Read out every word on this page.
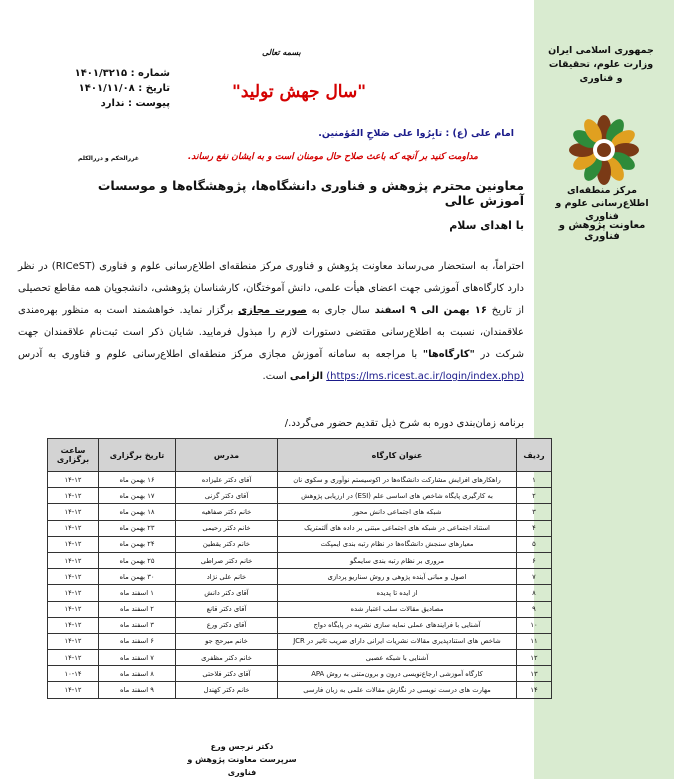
جمهوری اسلامی ایران
وزارت علوم، تحقیقات و فناوری
مرکز منطقه‌ای اطلاع‌رسانی علوم و فناوری
معاونت پژوهش و فناوری
بسمه تعالی
"سال جهش تولید"
شماره : ۱۴۰۱/۳۲۱۵
تاریخ : ۱۴۰۱/۱۱/۰۸
پیوست : ندارد
امام علی (ع) : تابِرُوا علی صَلاحِ المُؤمنین.
مداومت کنید بر آنچه که باعث صلاح حال مومنان است و به ایشان نفع رساند.
غررالحکم و دررالکلم
معاونین محترم پژوهش و فناوری دانشگاه‌ها، پژوهشگاه‌ها و موسسات آموزش عالی
با اهدای سلام
احتراماً، به استحضار می‌رساند معاونت پژوهش و فناوری مرکز منطقه‌ای اطلاع‌رسانی علوم و فناوری (RICeST) در نظر دارد کارگاه‌های آموزشی جهت اعضای هیأت علمی، دانش آموختگان، کارشناسان پژوهشی، دانشجویان همه مقاطع تحصیلی از تاریخ ۱۶ بهمن الی ۹ اسفند سال جاری به صورت مجازی برگزار نماید. خواهشمند است به منظور بهره‌مندی علاقمندان، نسبت به اطلاع‌رسانی مقتضی دستورات لازم را مبذول فرمایید. شایان ذکر است ثبت‌نام علاقمندان جهت شرکت در "کارگاه‌ها" با مراجعه به سامانه آموزش مجازی مرکز منطقه‌ای اطلاع‌رسانی علوم و فناوری به آدرس (https://lms.ricest.ac.ir/login/index.php) الزامی است.
برنامه زمان‌بندی دوره به شرح ذیل تقدیم حضور می‌گردد./
ردیف	عنوان کارگاه	مدرس	تاریخ برگزاری	ساعت برگزاری
۱	راهکارهای افزایش مشارکت دانشگاه‌ها در اکوسیستم نوآوری و سکوی نان	آقای دکتر علیزاده	۱۶ بهمن ماه	۱۴-۱۲
۲	به کارگیری پایگاه شاخص های اساسی علم (ESI) در ارزیابی پژوهش	آقای دکتر گزنی	۱۷ بهمن ماه	۱۴-۱۲
۳	شبکه های اجتماعی دانش محور	خانم دکتر صفاهیه	۱۸ بهمن ماه	۱۴-۱۲
۴	استناد اجتماعی در شبکه های اجتماعی مبتنی بر داده های آلتمتریک	خانم دکتر رحیمی	۲۳ بهمن ماه	۱۴-۱۲
۵	معیارهای سنجش دانشگاه‌ها در نظام رتبه بندی ایمپکت	خانم دکتر یقطین	۲۴ بهمن ماه	۱۴-۱۲
۶	مروری بر نظام رتبه بندی سایمگو	خانم دکتر صراطی	۲۵ بهمن ماه	۱۴-۱۲
۷	اصول و مبانی آینده پژوهی و روش سناریو پردازی	خانم علی نژاد	۳۰ بهمن ماه	۱۴-۱۲
۸	از ایده تا پدیده	آقای دکتر دانش	۱ اسفند ماه	۱۴-۱۲
۹	مصادیق مقالات سلب اعتبار شده	آقای دکتر قانع	۲ اسفند ماه	۱۴-۱۲
۱۰	آشنایی با فرایندهای عملی نمایه سازی نشریه در پایگاه دواج	آقای دکتر ورع	۳ اسفند ماه	۱۴-۱۲
۱۱	شاخص های استنادپذیری مقالات نشریات ایرانی دارای ضریب تاثیر در JCR	خانم میرحج جو	۶ اسفند ماه	۱۴-۱۲
۱۲	آشنایی با شبکه عصبی	خانم دکتر مظفری	۷ اسفند ماه	۱۴-۱۲
۱۳	کارگاه آموزشی ارجاع‌نویسی درون و برون‌متنی به روش APA	آقای دکتر فلاحتی	۸ اسفند ماه	۱۰-۱۴
۱۴	مهارت های درست نویسی در نگارش مقالات علمی به زبان فارسی	خانم دکتر کهندل	۹ اسفند ماه	۱۴-۱۲
دکتر نرجس ورع
سرپرست معاونت پژوهش و فناوری
